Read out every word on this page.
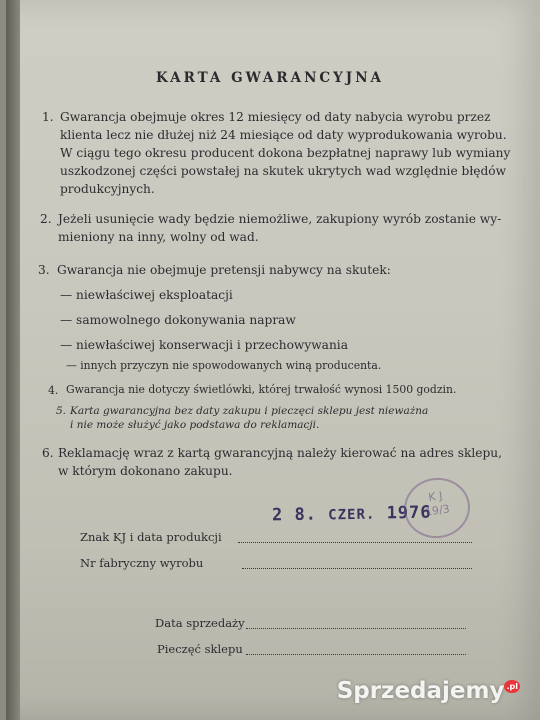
KARTA GWARANCYJNA
1. Gwarancja obejmuje okres 12 miesięcy od daty nabycia wyrobu przez
klienta lecz nie dłużej niż 24 miesiące od daty wyprodukowania wyrobu.
W ciągu tego okresu producent dokona bezpłatnej naprawy lub wymiany
uszkodzonej części powstałej na skutek ukrytych wad względnie błędów
produkcyjnych.
2. Jeżeli usunięcie wady będzie niemożliwe, zakupiony wyrób zostanie wy-
mieniony na inny, wolny od wad.
3. Gwarancja nie obejmuje pretensji nabywcy na skutek:
— niewłaściwej eksploatacji
— samowolnego dokonywania napraw
— niewłaściwej konserwacji i przechowywania
— innych przyczyn nie spowodowanych winą producenta.
4. Gwarancja nie dotyczy świetlówki, której trwałość wynosi 1500 godzin.
5. Karta gwarancyjna bez daty zakupu i pieczęci sklepu jest nieważna
i nie może służyć jako podstawa do reklamacji.
6. Reklamację wraz z kartą gwarancyjną należy kierować na adres sklepu,
w którym dokonano zakupu.
2 8. CZER. 1976
K J
19/3
Znak KJ i data produkcji
Nr fabryczny wyrobu
Data sprzedaży
Pieczęć sklepu
Sprzedajemy $^{.pl}$
